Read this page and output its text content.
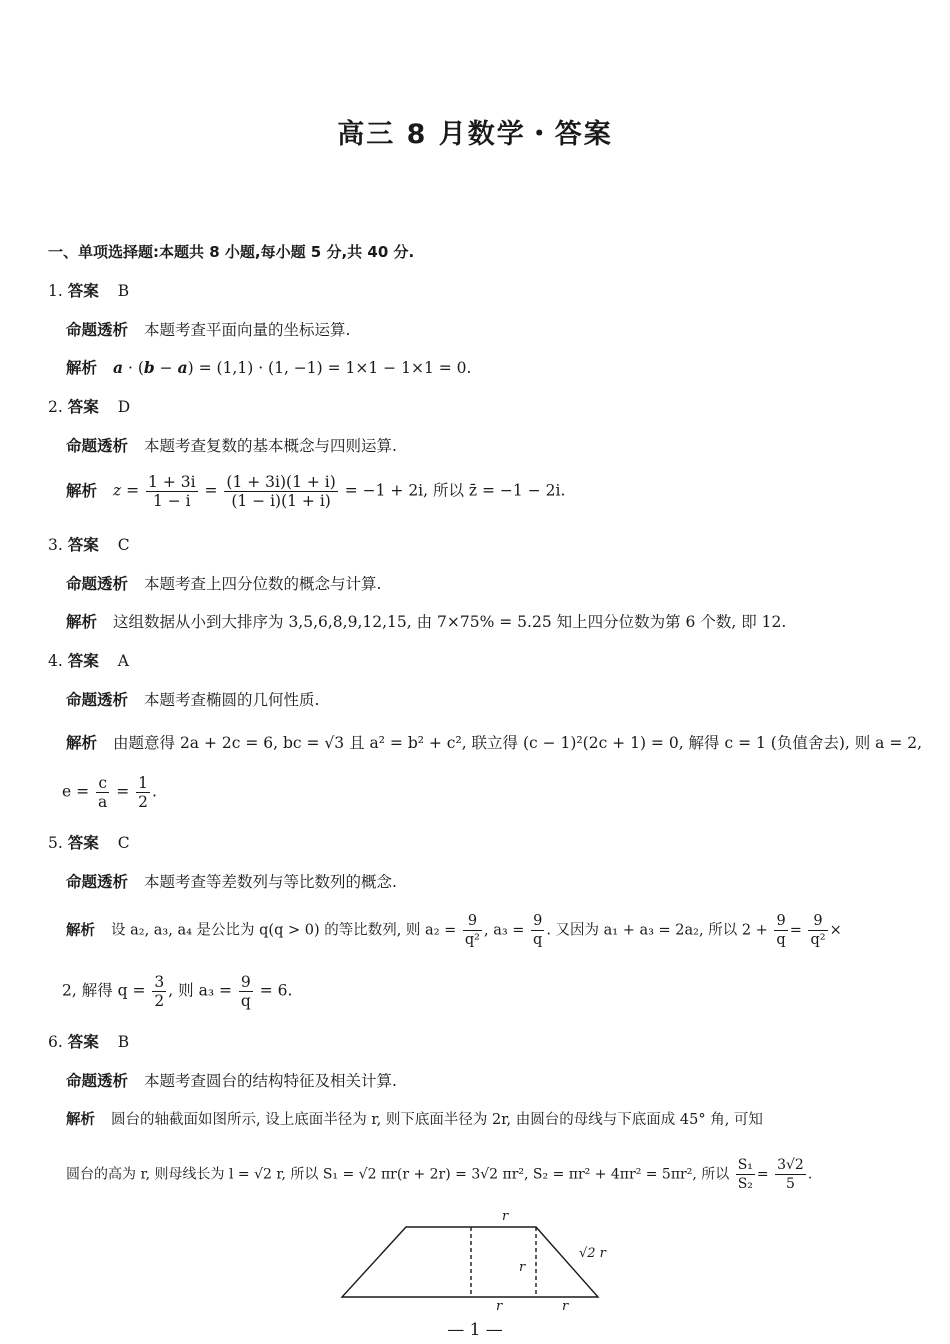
高三 8 月数学・答案
一、单项选择题:本题共 8 小题,每小题 5 分,共 40 分.
1. 答案 B
命题透析 本题考查平面向量的坐标运算.
解析 a · (b − a) = (1,1) · (1, −1) = 1×1 − 1×1 = 0.
2. 答案 D
命题透析 本题考查复数的基本概念与四则运算.
解析 $z = \frac{1 + 3i}{1 - i} = \frac{(1 + 3i)(1 + i)}{(1 - i)(1 + i)} = -1 + 2i$, 所以 z̄ = −1 − 2i.
3. 答案 C
命题透析 本题考查上四分位数的概念与计算.
解析 这组数据从小到大排序为 3,5,6,8,9,12,15, 由 7×75% = 5.25 知上四分位数为第 6 个数, 即 12.
4. 答案 A
命题透析 本题考查椭圆的几何性质.
解析 由题意得 2a + 2c = 6, bc = √3 且 a² = b² + c², 联立得 (c − 1)²(2c + 1) = 0, 解得 c = 1 (负值舍去), 则 a = 2,
$e = \frac{c}{a} = \frac{1}{2}$ .
5. 答案 C
命题透析 本题考查等差数列与等比数列的概念.
解析 设 a₂, a₃, a₄ 是公比为 q(q > 0) 的等比数列, 则 $a_2 = \frac{9}{\text{q²}}$ , $a_3 = \frac{9}{q}$ . 又因为 a₁ + a₃ = 2a₂, 所以 $2 + \frac{9}{q} = \frac{9}{\text{q²}}$ ×
2, 解得 $q = \frac{3}{2}$ , 则 $a_3 = \frac{9}{q} = 6$.
6. 答案 B
命题透析 本题考查圆台的结构特征及相关计算.
解析 圆台的轴截面如图所示, 设上底面半径为 r, 则下底面半径为 2r, 由圆台的母线与下底面成 45° 角, 可知
圆台的高为 r, 则母线长为 l = √2 r, 所以 S₁ = √2 πr(r + 2r) = 3√2 πr², S₂ = πr² + 4πr² = 5πr², 所以 $\frac{\text{S₁}}{\text{S₂}} = \frac{3√2}{5}$ .
r
√2 r
r
r	r
— 1 —
